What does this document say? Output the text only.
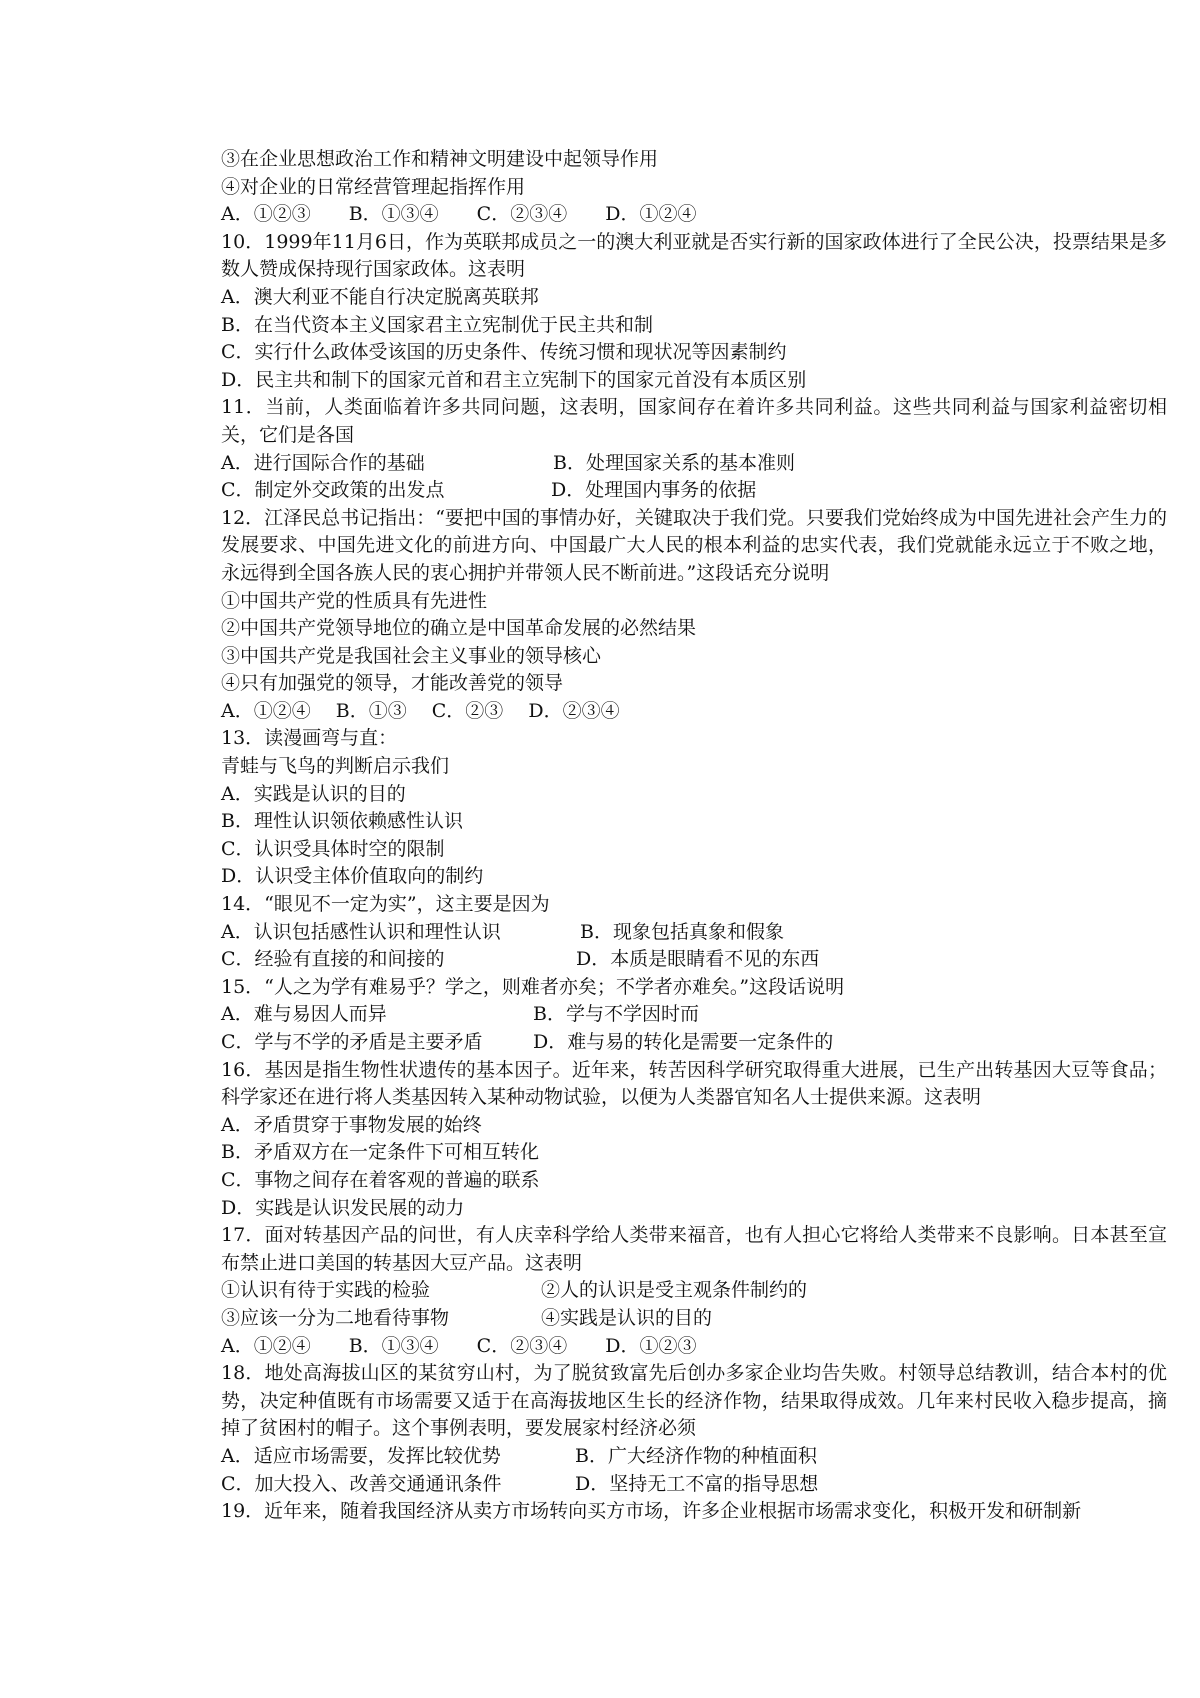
③在企业思想政治工作和精神文明建设中起领导作用

④对企业的日常经营管理起指挥作用

A．①②③　　B．①③④　　C．②③④　　D．①②④

10．1999年11月6日，作为英联邦成员之一的澳大利亚就是否实行新的国家政体进行了全民公决，投票结果是多数人赞成保持现行国家政体。这表明

A．澳大利亚不能自行决定脱离英联邦

B．在当代资本主义国家君主立宪制优于民主共和制

C．实行什么政体受该国的历史条件、传统习惯和现状况等因素制约

D．民主共和制下的国家元首和君主立宪制下的国家元首没有本质区别

11．当前，人类面临着许多共同问题，这表明，国家间存在着许多共同利益。这些共同利益与国家利益密切相关，它们是各国

A．进行国际合作的基础	B．处理国家关系的基本准则

C．制定外交政策的出发点	D．处理国内事务的依据

12．江泽民总书记指出：“要把中国的事情办好，关键取决于我们党。只要我们党始终成为中国先进社会产生力的发展要求、中国先进文化的前进方向、中国最广大人民的根本利益的忠实代表，我们党就能永远立于不败之地，永远得到全国各族人民的衷心拥护并带领人民不断前进。”这段话充分说明

①中国共产党的性质具有先进性

②中国共产党领导地位的确立是中国革命发展的必然结果

③中国共产党是我国社会主义事业的领导核心

④只有加强党的领导，才能改善党的领导

A．①②④　 B．①③　 C．②③　 D．②③④

13．读漫画弯与直：

青蛙与飞鸟的判断启示我们

A．实践是认识的目的

B．理性认识领依赖感性认识

C．认识受具体时空的限制

D．认识受主体价值取向的制约

14．“眼见不一定为实”，这主要是因为

A．认识包括感性认识和理性认识	B．现象包括真象和假象

C．经验有直接的和间接的	D．本质是眼睛看不见的东西

15．“人之为学有难易乎？学之，则难者亦矣；不学者亦难矣。”这段话说明

A．难与易因人而异	B．学与不学因时而

C．学与不学的矛盾是主要矛盾	D．难与易的转化是需要一定条件的

16．基因是指生物性状遗传的基本因子。近年来，转苦因科学研究取得重大进展，已生产出转基因大豆等食品；科学家还在进行将人类基因转入某种动物试验，以便为人类器官知名人士提供来源。这表明

A．矛盾贯穿于事物发展的始终

B．矛盾双方在一定条件下可相互转化

C．事物之间存在着客观的普遍的联系

D．实践是认识发民展的动力

17．面对转基因产品的问世，有人庆幸科学给人类带来福音，也有人担心它将给人类带来不良影响。日本甚至宣布禁止进口美国的转基因大豆产品。这表明

①认识有待于实践的检验	②人的认识是受主观条件制约的

③应该一分为二地看待事物	④实践是认识的目的

A．①②④　　B．①③④　　C．②③④　　D．①②③

18．地处高海拔山区的某贫穷山村，为了脱贫致富先后创办多家企业均告失败。村领导总结教训，结合本村的优势，决定种值既有市场需要又适于在高海拔地区生长的经济作物，结果取得成效。几年来村民收入稳步提高，摘掉了贫困村的帽子。这个事例表明，要发展家村经济必须

A．适应市场需要，发挥比较优势	B．广大经济作物的种植面积

C．加大投入、改善交通通讯条件	D．坚持无工不富的指导思想

19．近年来，随着我国经济从卖方市场转向买方市场，许多企业根据市场需求变化，积极开发和研制新
